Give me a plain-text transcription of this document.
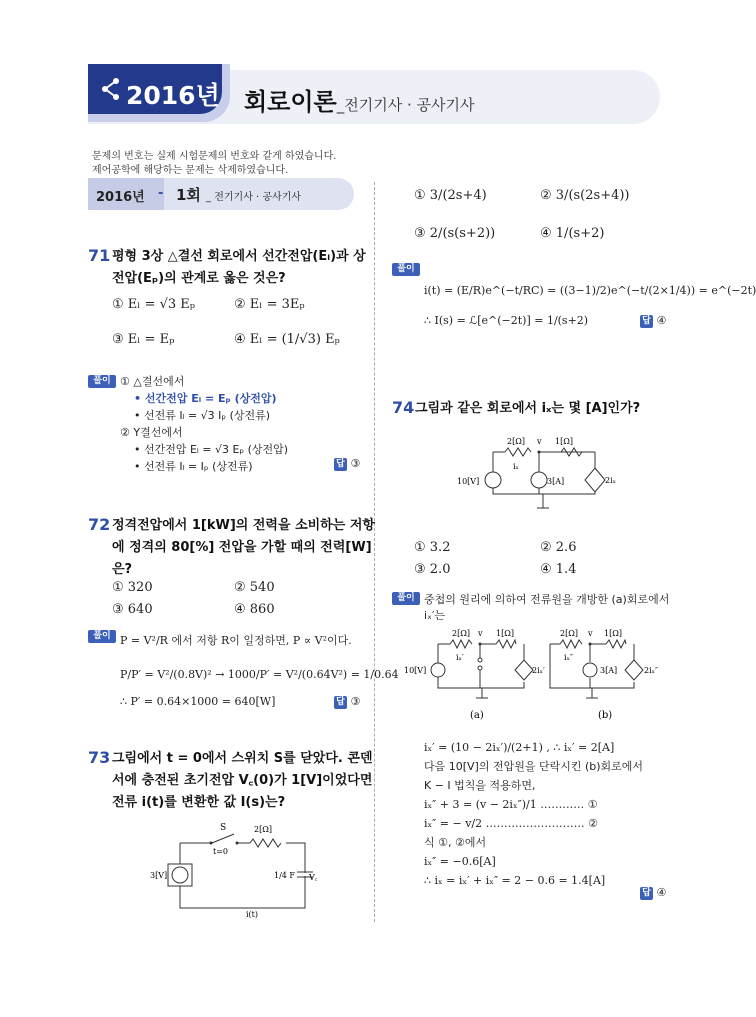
2016년 회로이론_전기기사 · 공사기사
문제의 번호는 실제 시험문제의 번호와 같게 하였습니다.
제어공학에 해당하는 문제는 삭제하였습니다.
2016년 - 1회 _ 전기기사 · 공사기사
71 평형 3상 △결선 회로에서 선간전압(Eₗ)과 상
전압(Eₚ)의 관계로 옳은 것은?
① Eₗ = √3 Eₚ	② Eₗ = 3Eₚ
③ Eₗ = Eₚ	④ Eₗ = (1/√3) Eₚ
풀이 ① △결선에서
• 선간전압 Eₗ = Eₚ (상전압)
• 선전류 Iₗ = √3 Iₚ (상전류)
② Y결선에서
• 선간전압 Eₗ = √3 Eₚ (상전압)
• 선전류 Iₗ = Iₚ (상전류)	답 ③
72 정격전압에서 1[kW]의 전력을 소비하는 저항
에 정격의 80[%] 전압을 가할 때의 전력[W]
은?
① 320	② 540
③ 640	④ 860
풀이 P = V²/R 에서 저항 R이 일정하면, P ∝ V²이다.
P/P′ = V²/(0.8V)² → 1000/P′ = V²/(0.64V²) = 1/0.64
∴ P′ = 0.64×1000 = 640[W]	답 ③
73 그림에서 t = 0에서 스위치 S를 닫았다. 콘덴
서에 충전된 초기전압 V꜀(0)가 1[V]이었다면
전류 i(t)를 변환한 값 I(s)는?
S
t=0
2[Ω]
3[V]	1/4 F V꜀
i(t)
① 3/(2s+4)	② 3/(s(2s+4))
③ 2/(s(s+2))	④ 1/(s+2)
풀이
i(t) = (E/R)e^(−t/RC) = ((3−1)/2)e^(−t/(2×1/4)) = e^(−2t)
∴ I(s) = ℒ[e^(−2t)] = 1/(s+2)	답 ④
74 그림과 같은 회로에서 iₓ는 몇 [A]인가?
2[Ω] v 1[Ω]
iₓ
10[V]	3[A]	2iₓ
① 3.2	② 2.6
③ 2.0	④ 1.4
풀이 중첩의 원리에 의하여 전류원을 개방한 (a)회로에서
iₓ′는
2[Ω] v 1[Ω]
iₓ′
10[V]	2iₓ′
(a)
2[Ω] v 1[Ω]
iₓ″
3[A]	2iₓ″
(b)
iₓ′ = (10 − 2iₓ′)/(2+1) , ∴ iₓ′ = 2[A]
다음 10[V]의 전압원을 단락시킨 (b)회로에서
K − I 법칙을 적용하면,
iₓ″ + 3 = (v − 2iₓ″)/1 ………… ①
iₓ″ = − v/2 ……………………… ②
식 ①, ②에서
iₓ″ = −0.6[A]
∴ iₓ = iₓ′ + iₓ″ = 2 − 0.6 = 1.4[A]
답 ④
